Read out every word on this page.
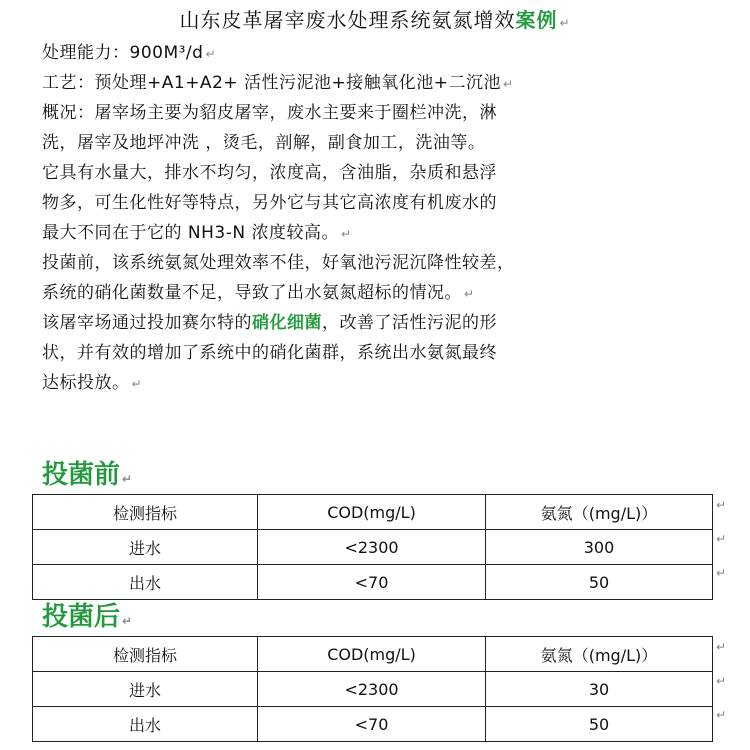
山东皮革屠宰废水处理系统氨氮增效案例 ↵
处理能力：900M³/d ↵
工艺：预处理+A1+A2+ 活性污泥池+接触氧化池+二沉池 ↵
概况：屠宰场主要为貂皮屠宰，废水主要来于圈栏冲洗，淋
洗，屠宰及地坪冲洗 ，烫毛，剖解，副食加工，洗油等。
它具有水量大，排水不均匀，浓度高，含油脂，杂质和悬浮
物多，可生化性好等特点，另外它与其它高浓度有机废水的
最大不同在于它的 NH3-N 浓度较高。 ↵
投菌前，该系统氨氮处理效率不佳，好氧池污泥沉降性较差，
系统的硝化菌数量不足，导致了出水氨氮超标的情况。 ↵
该屠宰场通过投加赛尔特的硝化细菌，改善了活性污泥的形
状，并有效的增加了系统中的硝化菌群，系统出水氨氮最终
达标投放。 ↵
投菌前 ↵
检测指标	COD(mg/L)	氨氮（(mg/L)）
进水	<2300	300
出水	<70	50
↵
↵
↵
投菌后 ↵
检测指标	COD(mg/L)	氨氮（(mg/L)）
进水	<2300	30
出水	<70	50
↵
↵
↵
